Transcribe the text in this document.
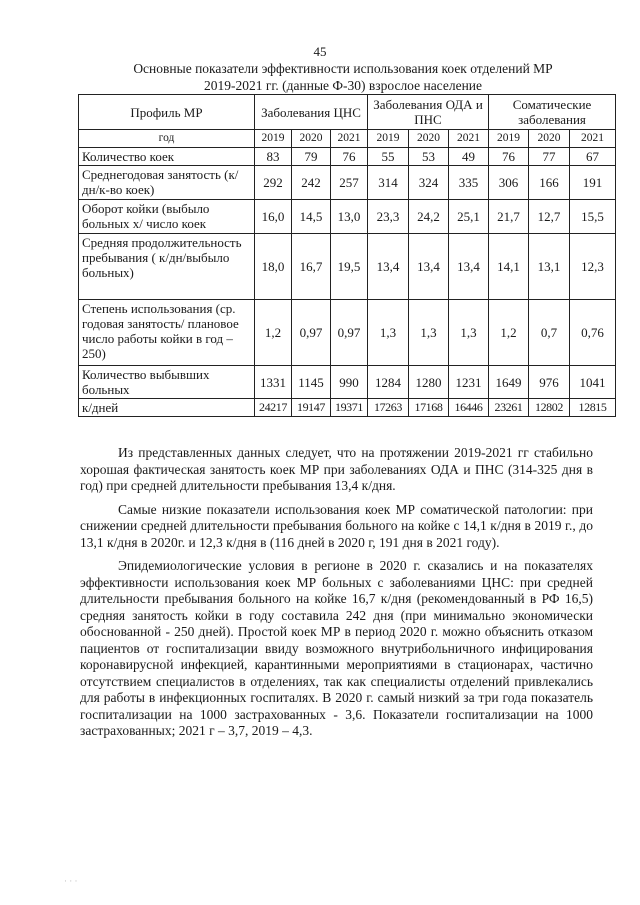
45
Основные показатели эффективности использования коек отделений МР
2019-2021 гг. (данные Ф-30) взрослое население
Профиль МР	Заболевания ЦНС			Заболевания ОДА и ПНС			Соматические заболевания		
год	2019	2020	2021	2019	2020	2021	2019	2020	2021
Количество коек	83	79	76	55	53	49	76	77	67
Среднегодовая занятость (к/дн/к-во коек)	292	242	257	314	324	335	306	166	191
Оборот койки (выбыло больных х/ число коек	16,0	14,5	13,0	23,3	24,2	25,1	21,7	12,7	15,5
Средняя продолжительность пребывания ( к/дн/выбыло больных)	18,0	16,7	19,5	13,4	13,4	13,4	14,1	13,1	12,3
Степень использования (ср. годовая занятость/ плановое число работы койки в год – 250)	1,2	0,97	0,97	1,3	1,3	1,3	1,2	0,7	0,76
Количество выбывших больных	1331	1145	990	1284	1280	1231	1649	976	1041
к/дней	24217	19147	19371	17263	17168	16446	23261	12802	12815

Из представленных данных следует, что на протяжении 2019-2021 гг стабильно хорошая фактическая занятость коек МР при заболеваниях ОДА и ПНС (314-325 дня в год) при средней длительности пребывания 13,4 к/дня.

Самые низкие показатели использования коек МР соматической патологии: при снижении средней длительности пребывания больного на койке с 14,1 к/дня в 2019 г., до 13,1 к/дня в 2020г. и 12,3 к/дня в (116 дней в 2020 г, 191 дня в 2021 году).

Эпидемиологические условия в регионе в 2020 г. сказались и на показателях эффективности использования коек МР больных с заболеваниями ЦНС: при средней длительности пребывания больного на койке 16,7 к/дня (рекомендованный в РФ 16,5) средняя занятость койки в году составила 242 дня (при минимально экономически обоснованной - 250 дней). Простой коек МР в период 2020 г. можно объяснить отказом пациентов от госпитализации ввиду возможного внутрибольничного инфицирования коронавирусной инфекцией, карантинными мероприятиями в стационарах, частично отсутствием специалистов в отделениях, так как специалисты отделений привлекались для работы в инфекционных госпиталях. В 2020 г. самый низкий за три года показатель госпитализации на 1000 застрахованных - 3,6. Показатели госпитализации на 1000 застрахованных; 2021 г – 3,7, 2019 – 4,3.

· · ·
